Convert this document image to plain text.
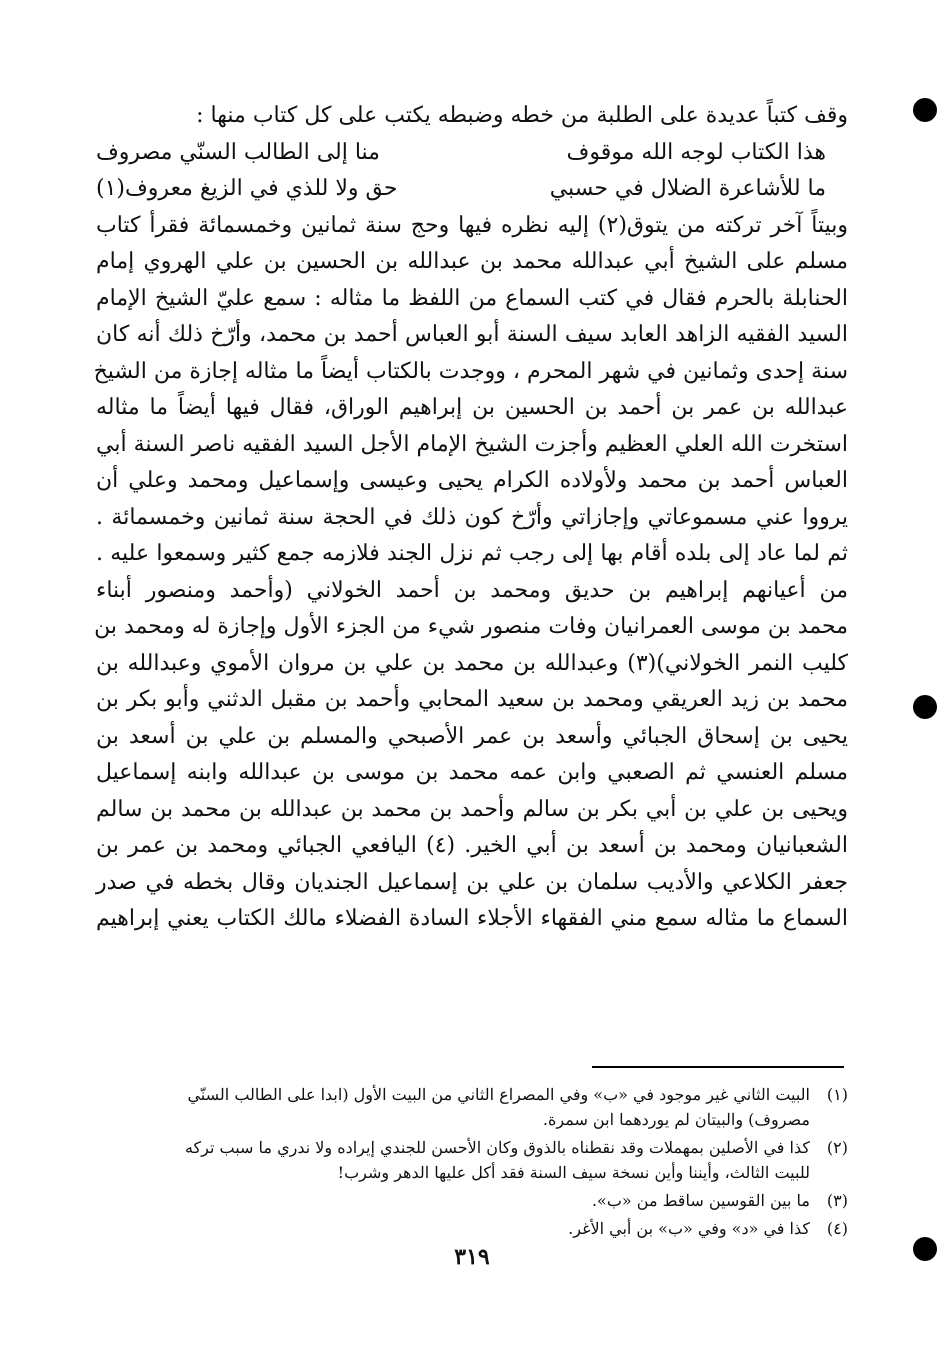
وقف كتباً عديدة على الطلبة من خطه وضبطه يكتب على كل كتاب منها :
هذا الكتاب لوجه الله موقوف
منا إلى الطالب السنّي مصروف
ما للأشاعرة الضلال في حسبي
حق ولا للذي في الزيغ معروف(١)
وبيتاً آخر تركته من يتوق(٢) إليه نظره فيها وحج سنة ثمانين وخمسمائة فقرأ كتاب
مسلم على الشيخ أبي عبدالله محمد بن عبدالله بن الحسين بن علي الهروي إمام
الحنابلة بالحرم فقال في كتب السماع من اللفظ ما مثاله : سمع عليّ الشيخ الإمام
السيد الفقيه الزاهد العابد سيف السنة أبو العباس أحمد بن محمد، وأرّخ ذلك أنه كان
سنة إحدى وثمانين في شهر المحرم ، ووجدت بالكتاب أيضاً ما مثاله إجازة من الشيخ
عبدالله بن عمر بن أحمد بن الحسين بن إبراهيم الوراق، فقال فيها أيضاً ما مثاله
استخرت الله العلي العظيم وأجزت الشيخ الإمام الأجل السيد الفقيه ناصر السنة أبي
العباس أحمد بن محمد ولأولاده الكرام يحيى وعيسى وإسماعيل ومحمد وعلي أن
يرووا عني مسموعاتي وإجازاتي وأرّخ كون ذلك في الحجة سنة ثمانين وخمسمائة .
ثم لما عاد إلى بلده أقام بها إلى رجب ثم نزل الجند فلازمه جمع كثير وسمعوا عليه .
من أعيانهم إبراهيم بن حديق ومحمد بن أحمد الخولاني (وأحمد ومنصور أبناء
محمد بن موسى العمرانيان وفات منصور شيء من الجزء الأول وإجازة له ومحمد بن
كليب النمر الخولاني)(٣) وعبدالله بن محمد بن علي بن مروان الأموي وعبدالله بن
محمد بن زيد العريقي ومحمد بن سعيد المحابي وأحمد بن مقبل الدثني وأبو بكر بن
يحيى بن إسحاق الجبائي وأسعد بن عمر الأصبحي والمسلم بن علي بن أسعد بن
مسلم العنسي ثم الصعبي وابن عمه محمد بن موسى بن عبدالله وابنه إسماعيل
ويحيى بن علي بن أبي بكر بن سالم وأحمد بن محمد بن عبدالله بن محمد بن سالم
الشعبانيان ومحمد بن أسعد بن أبي الخير. (٤) اليافعي الجبائي ومحمد بن عمر بن
جعفر الكلاعي والأديب سلمان بن علي بن إسماعيل الجنديان وقال بخطه في صدر
السماع ما مثاله سمع مني الفقهاء الأجلاء السادة الفضلاء مالك الكتاب يعني إبراهيم
(١)
البيت الثاني غير موجود في «ب» وفي المصراع الثاني من البيت الأول (ابدا على الطالب السنّي
مصروف) والبيتان لم يوردهما ابن سمرة.
(٢)
كذا في الأصلين بمهملات وقد نقطناه بالذوق وكان الأحسن للجندي إيراده ولا ندري ما سبب تركه
للبيت الثالث، وأيننا وأين نسخة سيف السنة فقد أكل عليها الدهر وشرب!
(٣)
ما بين القوسين ساقط من «ب».
(٤)
كذا في «د» وفي «ب» بن أبي الأغر.
٣١٩
